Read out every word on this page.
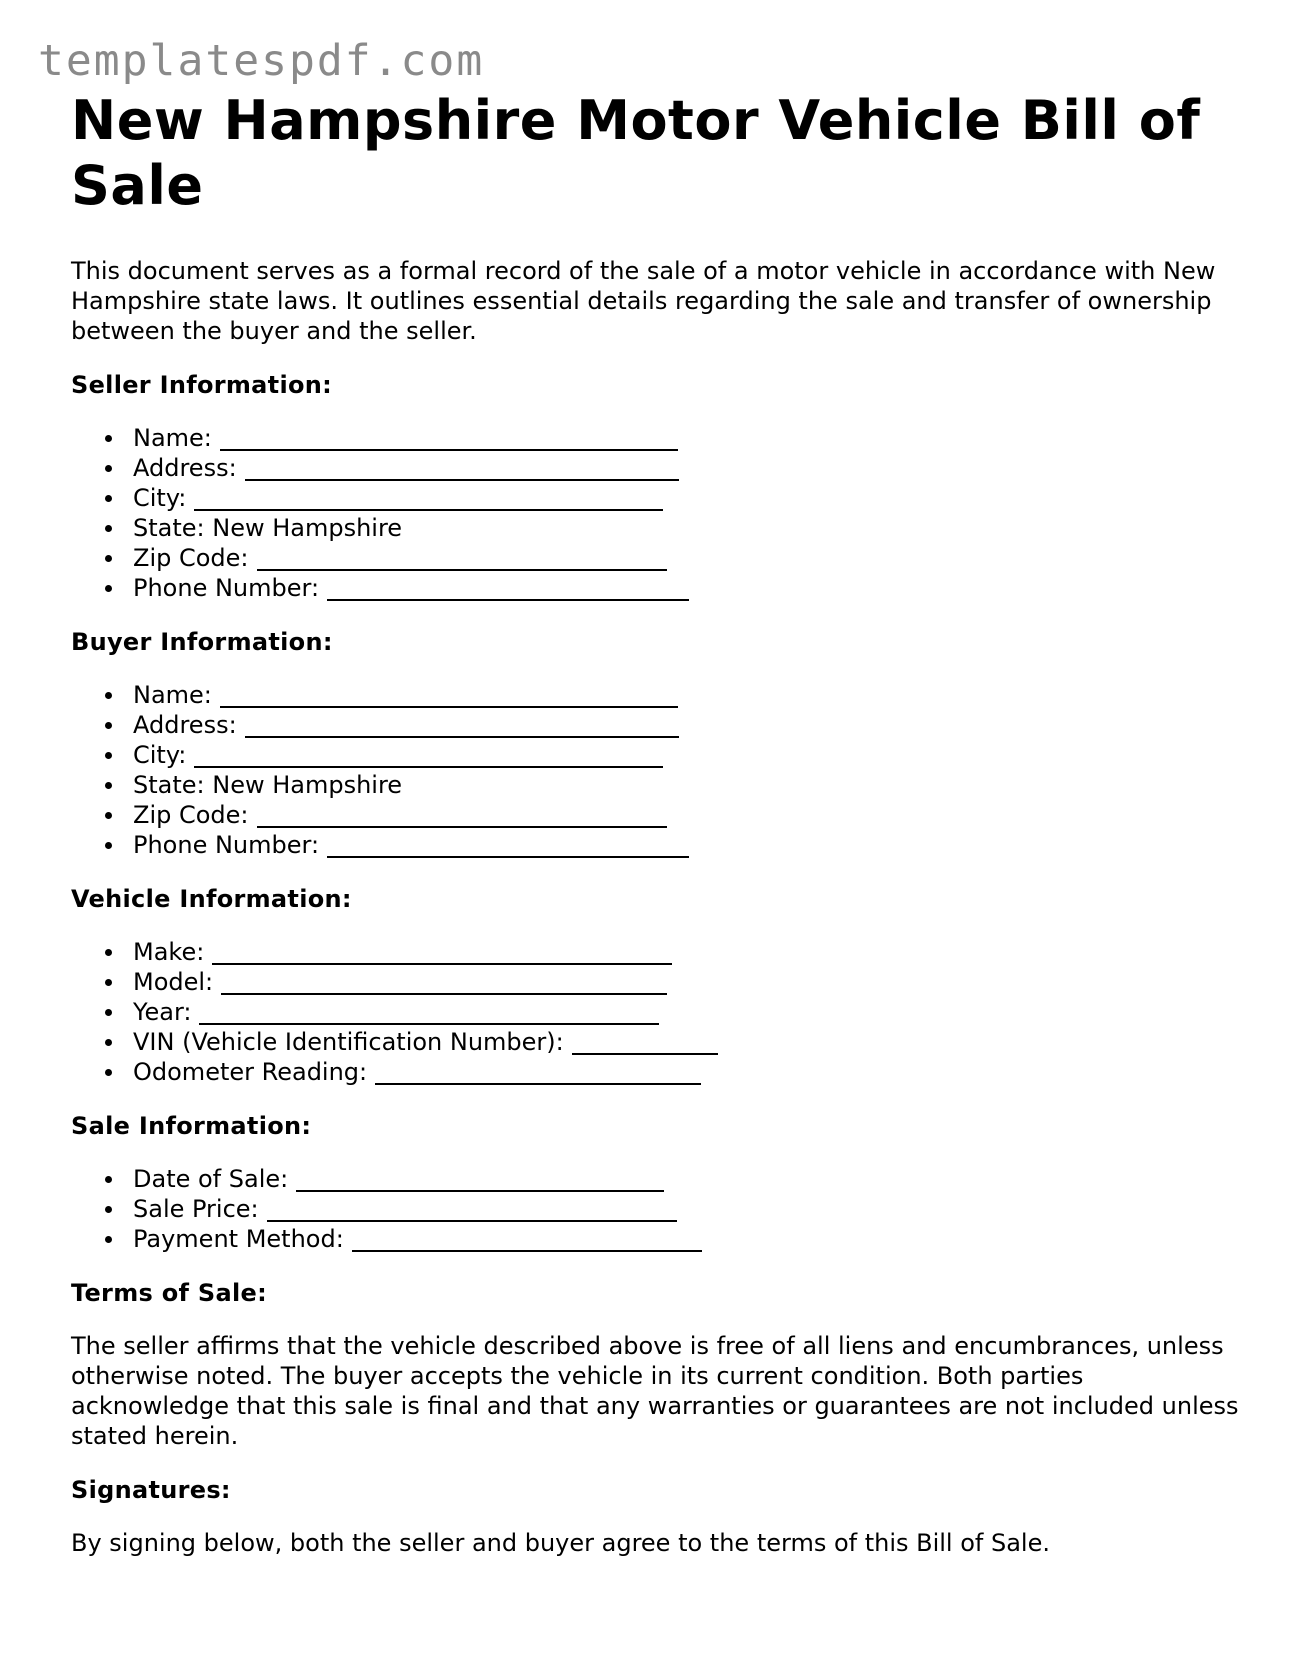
templatespdf.com
New Hampshire Motor Vehicle Bill of Sale

This document serves as a formal record of the sale of a motor vehicle in accordance with New Hampshire state laws. It outlines essential details regarding the sale and transfer of ownership between the buyer and the seller.

Seller Information:
Name:
Address:
City:
State: New Hampshire
Zip Code:
Phone Number:
Buyer Information:
Name:
Address:
City:
State: New Hampshire
Zip Code:
Phone Number:
Vehicle Information:
Make:
Model:
Year:
VIN (Vehicle Identification Number):
Odometer Reading:
Sale Information:
Date of Sale:
Sale Price:
Payment Method:
Terms of Sale:

The seller affirms that the vehicle described above is free of all liens and encumbrances, unless otherwise noted. The buyer accepts the vehicle in its current condition. Both parties acknowledge that this sale is final and that any warranties or guarantees are not included unless stated herein.

Signatures:

By signing below, both the seller and buyer agree to the terms of this Bill of Sale.
